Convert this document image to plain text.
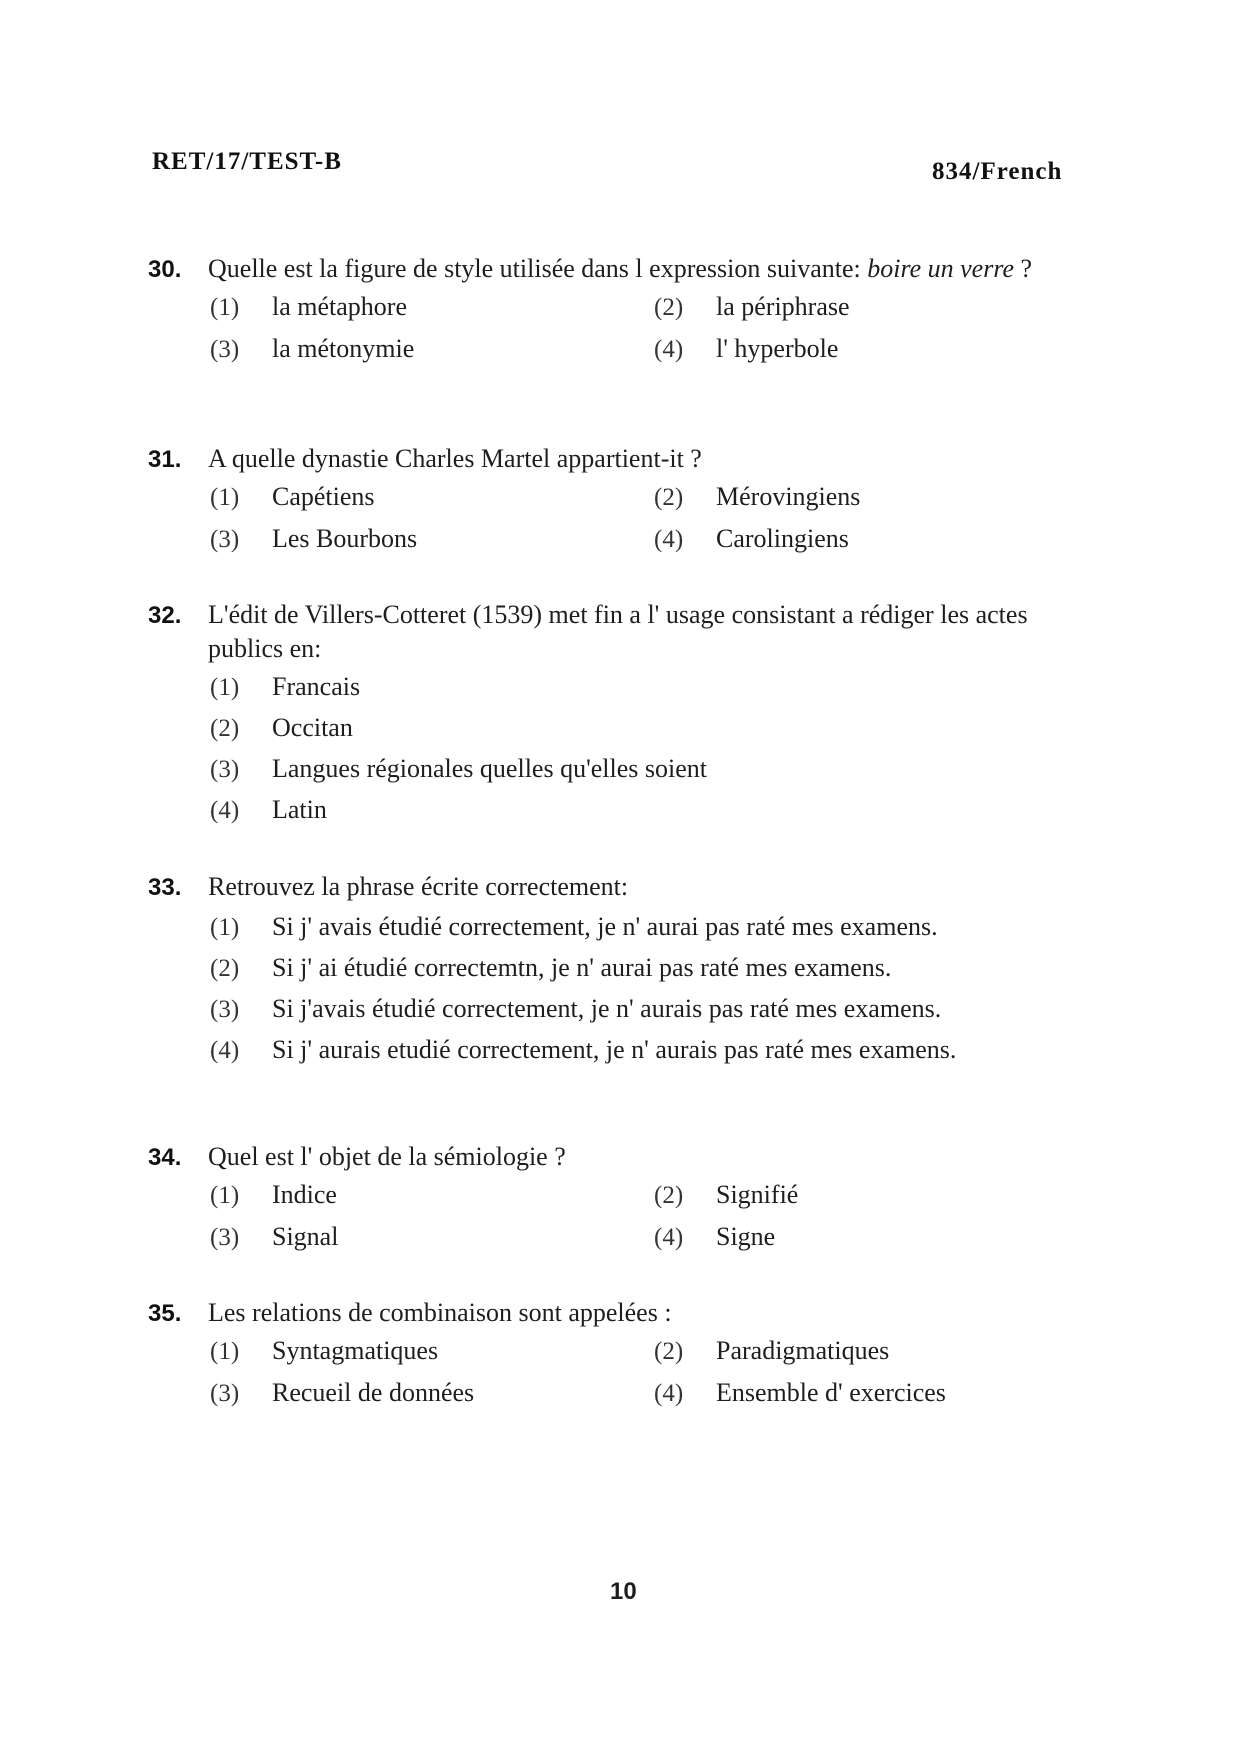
RET/17/TEST-B	834/French
30.	Quelle est la figure de style utilisée dans l expression suivante: boire un verre ?
(1)	la métaphore	(2)	la périphrase
(3)	la métonymie	(4)	l' hyperbole
31.	A quelle dynastie Charles Martel appartient-it ?
(1)	Capétiens	(2)	Mérovingiens
(3)	Les Bourbons	(4)	Carolingiens
32.	L'édit de Villers-Cotteret (1539) met fin a l' usage consistant a rédiger les actes publics en:
(1)	Francais
(2)	Occitan
(3)	Langues régionales quelles qu'elles soient
(4)	Latin
33.	Retrouvez la phrase écrite correctement:
(1)	Si j' avais étudié correctement, je n' aurai pas raté mes examens.
(2)	Si j' ai étudié correctemtn, je n' aurai pas raté mes examens.
(3)	Si j'avais étudié correctement, je n' aurais pas raté mes examens.
(4)	Si j' aurais etudié correctement, je n' aurais pas raté mes examens.
34.	Quel est l' objet de la sémiologie ?
(1)	Indice	(2)	Signifié
(3)	Signal	(4)	Signe
35.	Les relations de combinaison sont appelées :
(1)	Syntagmatiques	(2)	Paradigmatiques
(3)	Recueil de données	(4)	Ensemble d' exercices
10
